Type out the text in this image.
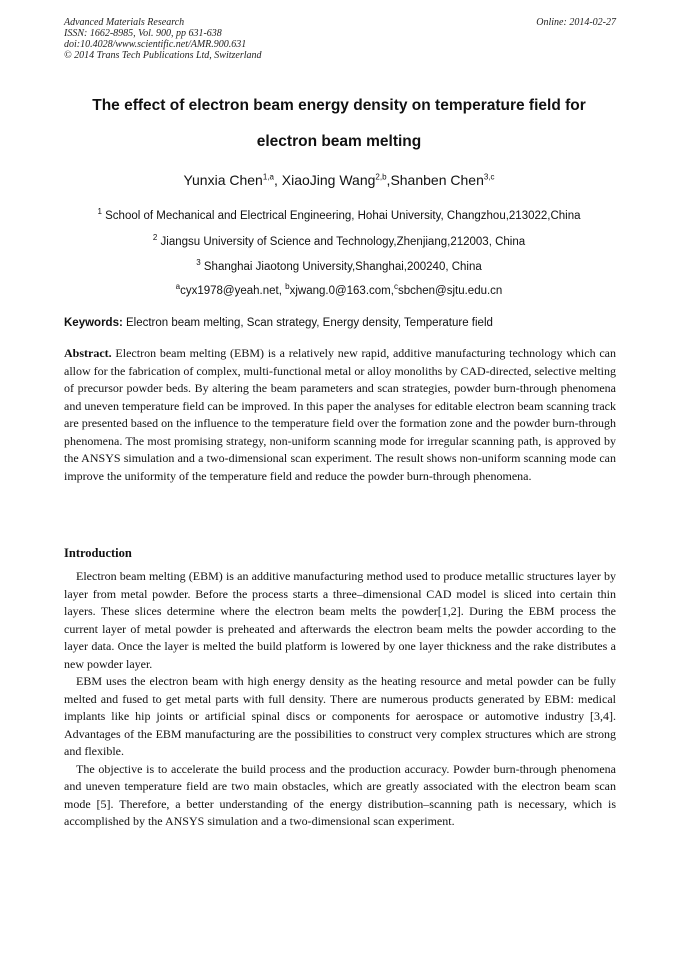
Advanced Materials Research
ISSN: 1662-8985, Vol. 900, pp 631-638
doi:10.4028/www.scientific.net/AMR.900.631
© 2014 Trans Tech Publications Ltd, Switzerland
Online: 2014-02-27
The effect of electron beam energy density on temperature field for
electron beam melting
Yunxia Chen$^{1,a}$, XiaoJing Wang$^{2,b}$,Shanben Chen$^{3,c}$
$^1$ School of Mechanical and Electrical Engineering, Hohai University, Changzhou,213022,China
$^2$ Jiangsu University of Science and Technology,Zhenjiang,212003, China
$^3$ Shanghai Jiaotong University,Shanghai,200240, China
$^a$cyx1978@yeah.net, $^b$xjwang.0@163.com,$^c$sbchen@sjtu.edu.cn
Keywords: Electron beam melting, Scan strategy, Energy density, Temperature field
Abstract. Electron beam melting (EBM) is a relatively new rapid, additive manufacturing technology which can allow for the fabrication of complex, multi-functional metal or alloy monoliths by CAD-directed, selective melting of precursor powder beds. By altering the beam parameters and scan strategies, powder burn-through phenomena and uneven temperature field can be improved. In this paper the analyses for editable electron beam scanning track are presented based on the influence to the temperature field over the formation zone and the powder burn-through phenomena. The most promising strategy, non-uniform scanning mode for irregular scanning path, is approved by the ANSYS simulation and a two-dimensional scan experiment. The result shows non-uniform scanning mode can improve the uniformity of the temperature field and reduce the powder burn-through phenomena.
Introduction

Electron beam melting (EBM) is an additive manufacturing method used to produce metallic structures layer by layer from metal powder. Before the process starts a three–dimensional CAD model is sliced into certain thin layers. These slices determine where the electron beam melts the powder[1,2]. During the EBM process the current layer of metal powder is preheated and afterwards the electron beam melts the powder according to the layer data. Once the layer is melted the build platform is lowered by one layer thickness and the rake distributes a new powder layer.

EBM uses the electron beam with high energy density as the heating resource and metal powder can be fully melted and fused to get metal parts with full density. There are numerous products generated by EBM: medical implants like hip joints or artificial spinal discs or components for aerospace or automotive industry [3,4]. Advantages of the EBM manufacturing are the possibilities to construct very complex structures which are strong and flexible.

The objective is to accelerate the build process and the production accuracy. Powder burn-through phenomena and uneven temperature field are two main obstacles, which are greatly associated with the electron beam scan mode [5]. Therefore, a better understanding of the energy distribution–scanning path is necessary, which is accomplished by the ANSYS simulation and a two-dimensional scan experiment.
